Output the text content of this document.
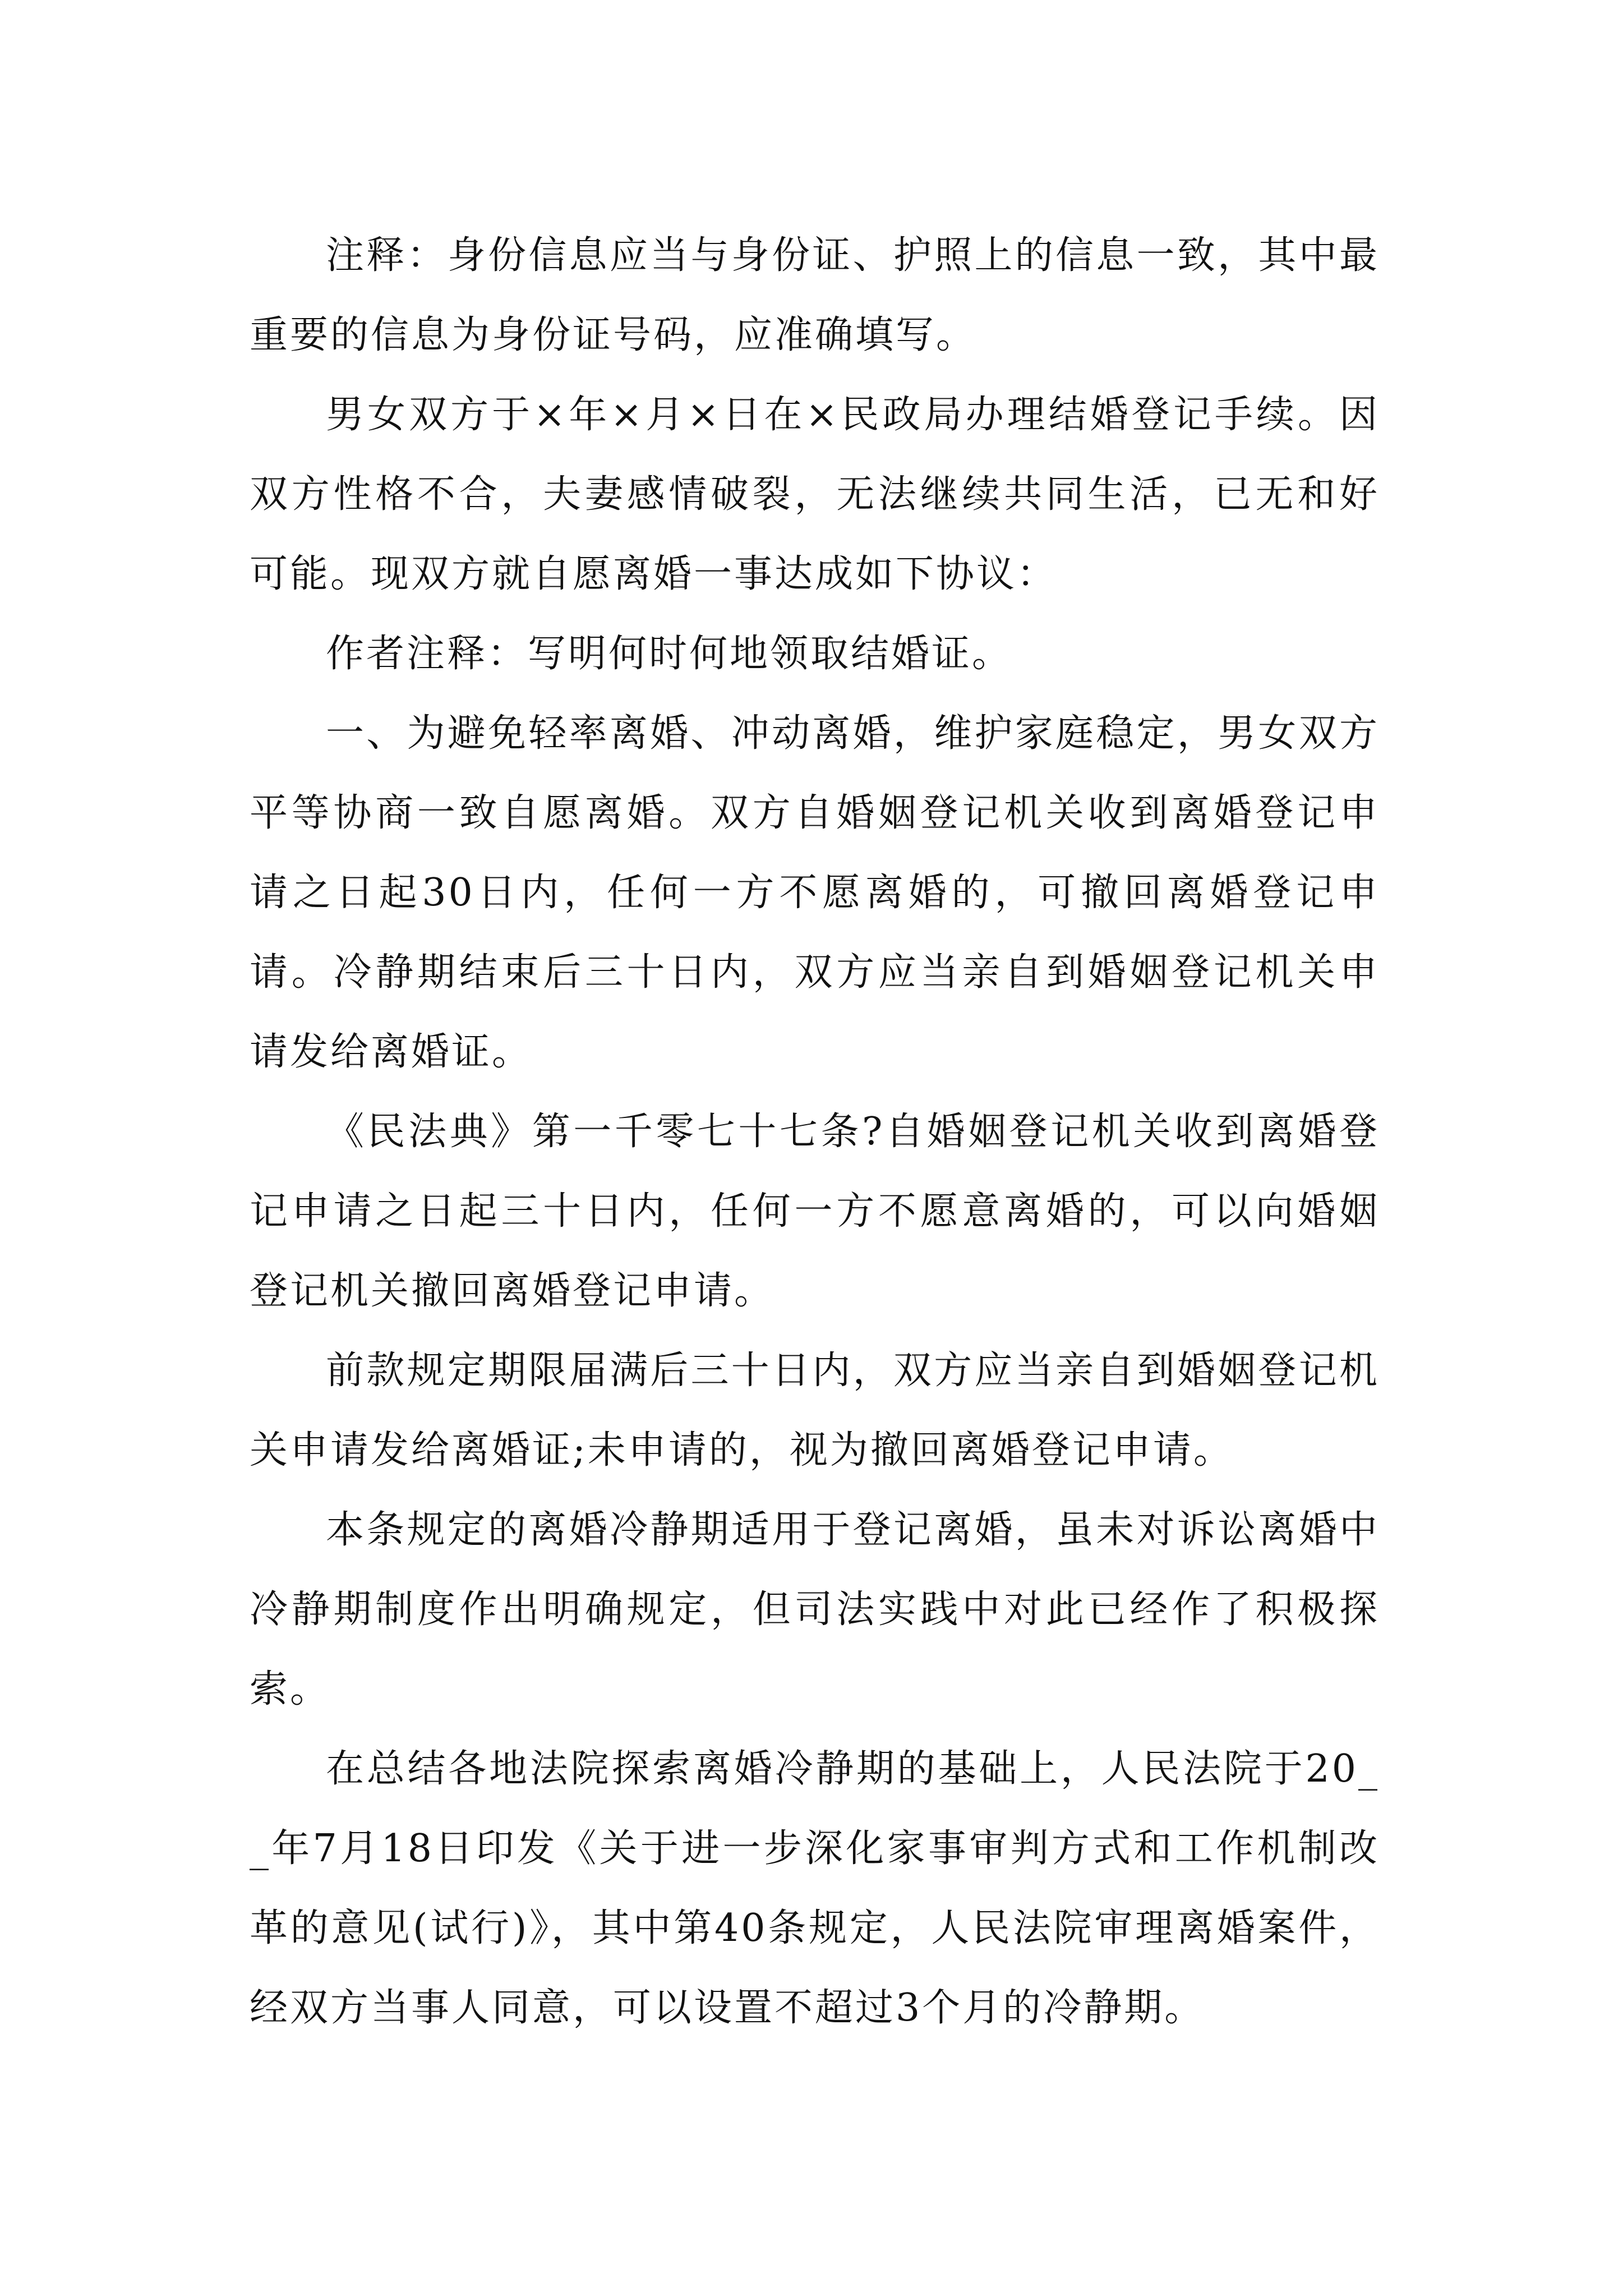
注释：身份信息应当与身份证、护照上的信息一致，其中最重要的信息为身份证号码，应准确填写。

男女双方于×年×月×日在×民政局办理结婚登记手续。因双方性格不合，夫妻感情破裂，无法继续共同生活，已无和好可能。现双方就自愿离婚一事达成如下协议：

作者注释：写明何时何地领取结婚证。

一、为避免轻率离婚、冲动离婚，维护家庭稳定，男女双方平等协商一致自愿离婚。双方自婚姻登记机关收到离婚登记申请之日起30日内，任何一方不愿离婚的，可撤回离婚登记申请。冷静期结束后三十日内，双方应当亲自到婚姻登记机关申请发给离婚证。

《民法典》第一千零七十七条?自婚姻登记机关收到离婚登记申请之日起三十日内，任何一方不愿意离婚的，可以向婚姻登记机关撤回离婚登记申请。

前款规定期限届满后三十日内，双方应当亲自到婚姻登记机关申请发给离婚证;未申请的，视为撤回离婚登记申请。

本条规定的离婚冷静期适用于登记离婚，虽未对诉讼离婚中冷静期制度作出明确规定，但司法实践中对此已经作了积极探索。

在总结各地法院探索离婚冷静期的基础上，人民法院于20__年7月18日印发《关于进一步深化家事审判方式和工作机制改革的意见(试行)》，其中第40条规定，人民法院审理离婚案件，经双方当事人同意，可以设置不超过3个月的冷静期。
